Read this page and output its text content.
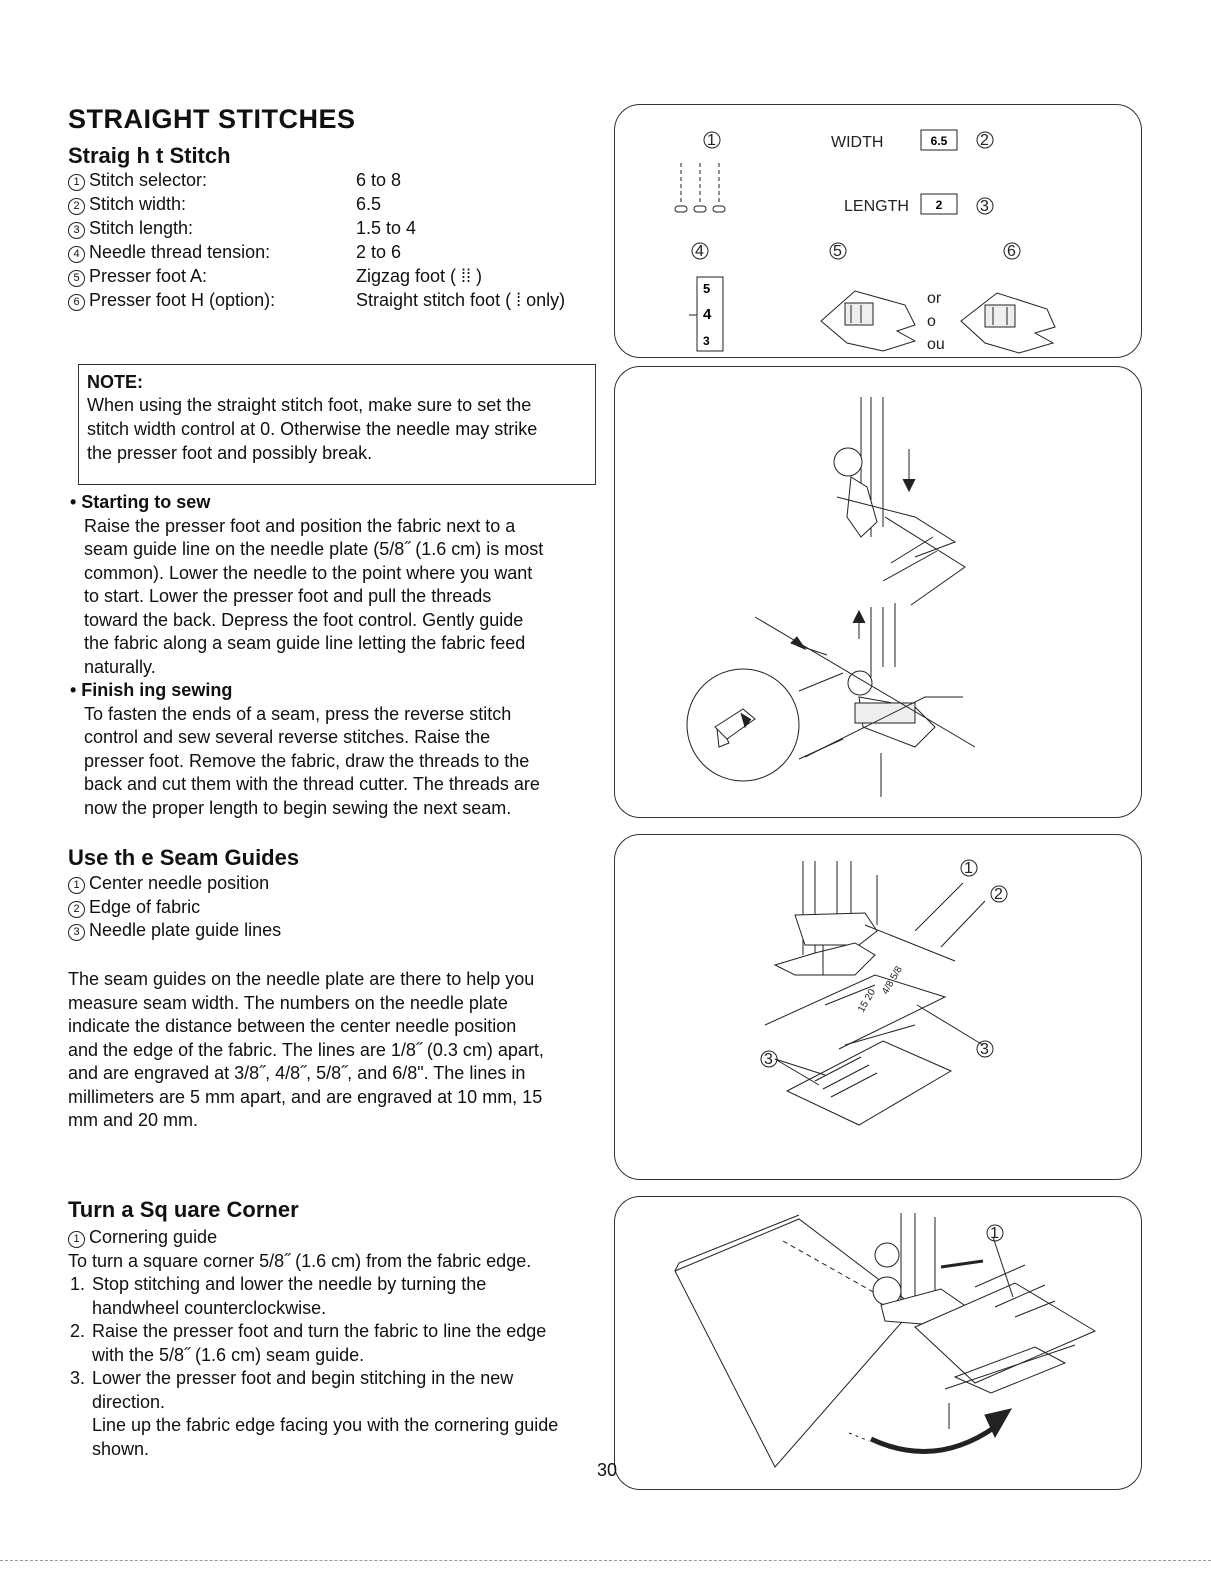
STRAIGHT STITCHES
Straig h t Stitch
1 Stitch selector:	6 to 8
2 Stitch width:	6.5
3 Stitch length:	1.5 to 4
4 Needle thread tension:	2 to 6
5 Presser foot A:	Zigzag foot ( ⁞⁞ )
6 Presser foot H (option):	Straight stitch foot ( ⁞ only)
NOTE:
When using the straight stitch foot, make sure to set the
stitch width control at 0. Otherwise the needle may strike
the presser foot and possibly break.
• Starting to sew
Raise the presser foot and position the fabric next to a
seam guide line on the needle plate (5/8˝ (1.6 cm) is most
common). Lower the needle to the point where you want
to start. Lower the presser foot and pull the threads
toward the back. Depress the foot control. Gently guide
the fabric along a seam guide line letting the fabric feed
naturally.
• Finish ing sewing
To fasten the ends of a seam, press the reverse stitch
control and sew several reverse stitches. Raise the
presser foot. Remove the fabric, draw the threads to the
back and cut them with the thread cutter. The threads are
now the proper length to begin sewing the next seam.
Use th e Seam Guides
1 Center needle position
2 Edge of fabric
3 Needle plate guide lines
The seam guides on the needle plate are there to help you
measure seam width. The numbers on the needle plate
indicate the distance between the center needle position
and the edge of the fabric. The lines are 1/8˝ (0.3 cm) apart,
and are engraved at 3/8˝, 4/8˝, 5/8˝, and 6/8". The lines in
millimeters are 5 mm apart, and are engraved at 10 mm, 15
mm and 20 mm.
Turn a Sq uare Corner
1 Cornering guide
To turn a square corner 5/8˝ (1.6 cm) from the fabric edge.
1. Stop stitching and lower the needle by turning the
handwheel counterclockwise.
2. Raise the presser foot and turn the fabric to line the edge
with the 5/8˝ (1.6 cm) seam guide.
3. Lower the presser foot and begin stitching in the new
direction.
Line up the fabric edge facing you with the cornering guide
shown.
1	WIDTH	6.5 2
LENGTH 2 3
4	5	6
5
4
3
or
o
ou
15 20
4/8 5/8
1
2
3
3
1
30
